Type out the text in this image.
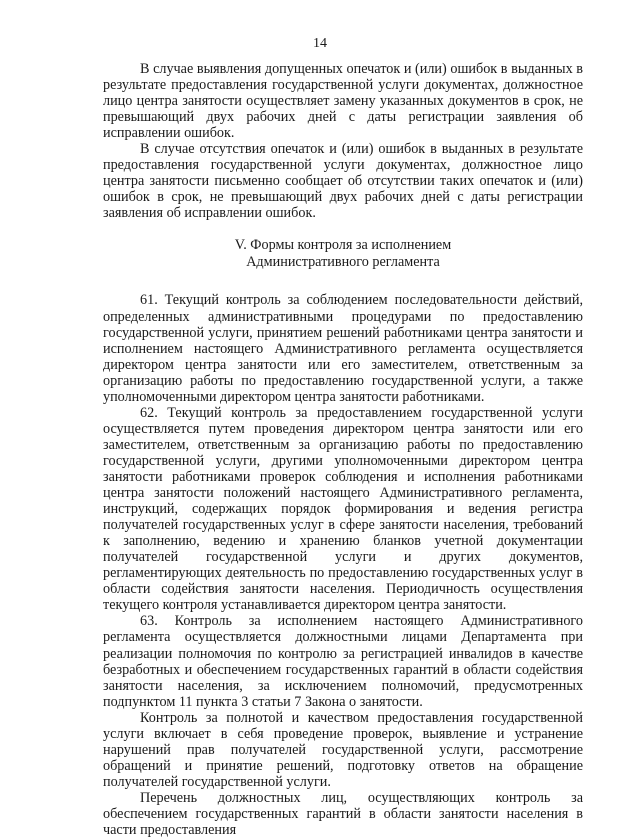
14

В случае выявления допущенных опечаток и (или) ошибок в выданных в результате предоставления государственной услуги документах, должностное лицо центра занятости осуществляет замену указанных документов в срок, не превышающий двух рабочих дней с даты регистрации заявления об исправлении ошибок.

В случае отсутствия опечаток и (или) ошибок в выданных в результате предоставления государственной услуги документах, должностное лицо центра занятости письменно сообщает об отсутствии таких опечаток и (или) ошибок в срок, не превышающий двух рабочих дней с даты регистрации заявления об исправлении ошибок.

V. Формы контроля за исполнением
Административного регламента

61. Текущий контроль за соблюдением последовательности действий, определенных административными процедурами по предоставлению государственной услуги, принятием решений работниками центра занятости и исполнением настоящего Административного регламента осуществляется директором центра занятости или его заместителем, ответственным за организацию работы по предоставлению государственной услуги, а также уполномоченными директором центра занятости работниками.

62. Текущий контроль за предоставлением государственной услуги осуществляется путем проведения директором центра занятости или его заместителем, ответственным за организацию работы по предоставлению государственной услуги, другими уполномоченными директором центра занятости работниками проверок соблюдения и исполнения работниками центра занятости положений настоящего Административного регламента, инструкций, содержащих порядок формирования и ведения регистра получателей государственных услуг в сфере занятости населения, требований к заполнению, ведению и хранению бланков учетной документации получателей государственной услуги и других документов, регламентирующих деятельность по предоставлению государственных услуг в области содействия занятости населения. Периодичность осуществления текущего контроля устанавливается директором центра занятости.

63. Контроль за исполнением настоящего Административного регламента осуществляется должностными лицами Департамента при реализации полномочия по контролю за регистрацией инвалидов в качестве безработных и обеспечением государственных гарантий в области содействия занятости населения, за исключением полномочий, предусмотренных подпунктом 11 пункта 3 статьи 7 Закона о занятости.

Контроль за полнотой и качеством предоставления государственной услуги включает в себя проведение проверок, выявление и устранение нарушений прав получателей государственной услуги, рассмотрение обращений и принятие решений, подготовку ответов на обращение получателей государственной услуги.

Перечень должностных лиц, осуществляющих контроль за обеспечением государственных гарантий в области занятости населения в части предоставления
